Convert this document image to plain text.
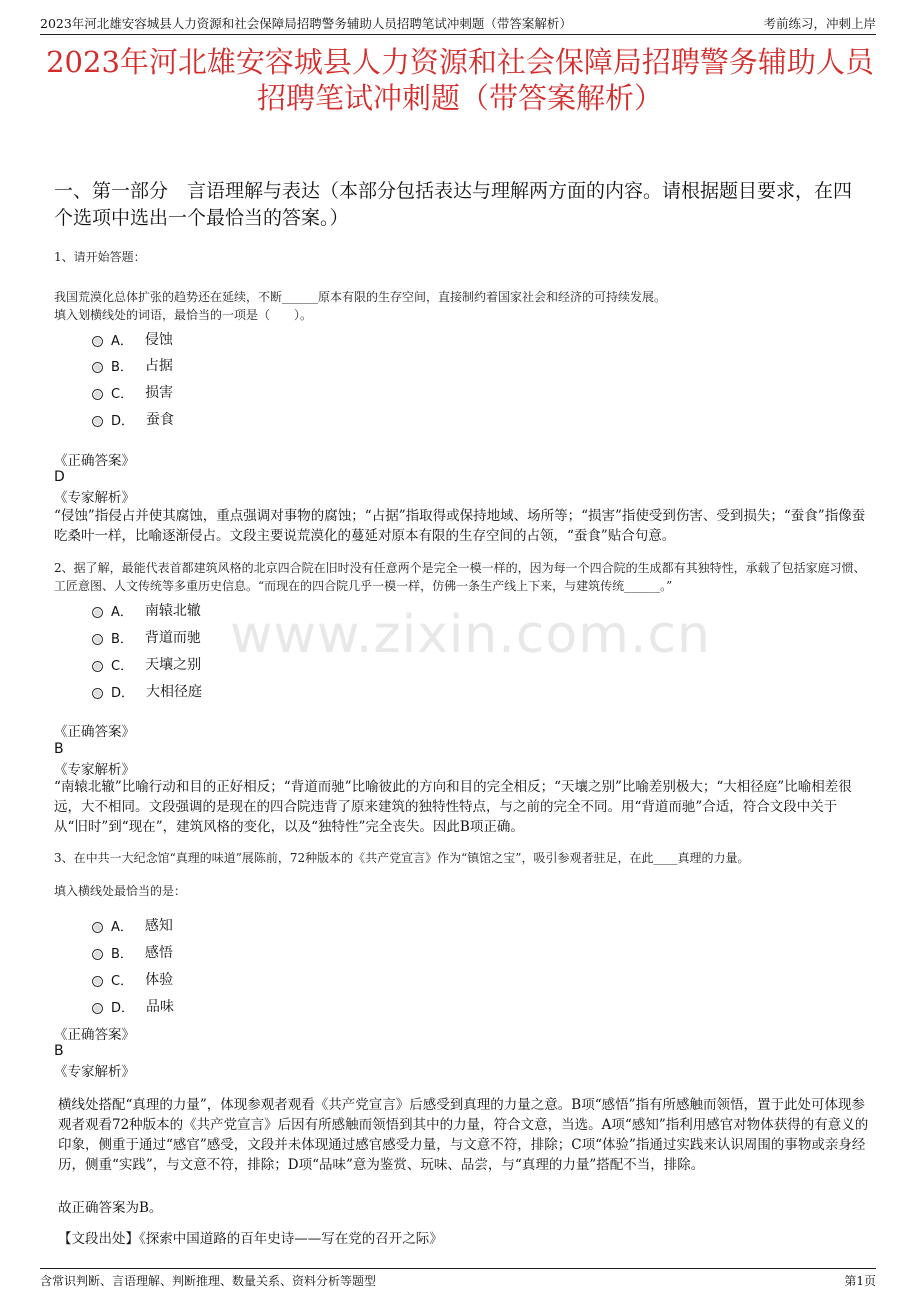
2023年河北雄安容城县人力资源和社会保障局招聘警务辅助人员招聘笔试冲刺题（带答案解析）	考前练习，冲刺上岸
2023年河北雄安容城县人力资源和社会保障局招聘警务辅助人员招聘笔试冲刺题（带答案解析）
一、第一部分　言语理解与表达（本部分包括表达与理解两方面的内容。请根据题目要求，在四个选项中选出一个最恰当的答案。）
www.zixin.com.cn
1、请开始答题：
我国荒漠化总体扩张的趋势还在延续，不断______原本有限的生存空间，直接制约着国家社会和经济的可持续发展。
填入划横线处的词语，最恰当的一项是（　　）。
A． 侵蚀
B． 占据
C． 损害
D． 蚕食
《正确答案》
D
《专家解析》
“侵蚀”指侵占并使其腐蚀，重点强调对事物的腐蚀；“占据”指取得或保持地域、场所等；“损害”指使受到伤害、受到损失；“蚕食”指像蚕吃桑叶一样，比喻逐渐侵占。文段主要说荒漠化的蔓延对原本有限的生存空间的占领，“蚕食”贴合句意。
2、据了解，最能代表首都建筑风格的北京四合院在旧时没有任意两个是完全一模一样的，因为每一个四合院的生成都有其独特性，承载了包括家庭习惯、工匠意图、人文传统等多重历史信息。“而现在的四合院几乎一模一样，仿佛一条生产线上下来，与建筑传统______。”
A． 南辕北辙
B． 背道而驰
C． 天壤之别
D． 大相径庭
《正确答案》
B
《专家解析》
“南辕北辙”比喻行动和目的正好相反；“背道而驰”比喻彼此的方向和目的完全相反；“天壤之别”比喻差别极大；“大相径庭”比喻相差很远，大不相同。文段强调的是现在的四合院违背了原来建筑的独特性特点，与之前的完全不同。用“背道而驰”合适，符合文段中关于从“旧时”到“现在”，建筑风格的变化，以及“独特性”完全丧失。因此B项正确。
3、在中共一大纪念馆“真理的味道”展陈前，72种版本的《共产党宣言》作为“镇馆之宝”，吸引参观者驻足，在此____真理的力量。
填入横线处最恰当的是：
A． 感知
B． 感悟
C． 体验
D． 品味
《正确答案》
B
《专家解析》
横线处搭配“真理的力量”，体现参观者观看《共产党宣言》后感受到真理的力量之意。B项“感悟”指有所感触而领悟，置于此处可体现参观者观看72种版本的《共产党宣言》后因有所感触而领悟到其中的力量，符合文意，当选。A项“感知”指利用感官对物体获得的有意义的印象，侧重于通过“感官”感受，文段并未体现通过感官感受力量，与文意不符，排除；C项“体验”指通过实践来认识周围的事物或亲身经历，侧重“实践”，与文意不符，排除；D项“品味”意为鉴赏、玩味、品尝，与“真理的力量”搭配不当，排除。
故正确答案为B。
【文段出处】《探索中国道路的百年史诗——写在党的召开之际》
含常识判断、言语理解、判断推理、数量关系、资料分析等题型	第1页
